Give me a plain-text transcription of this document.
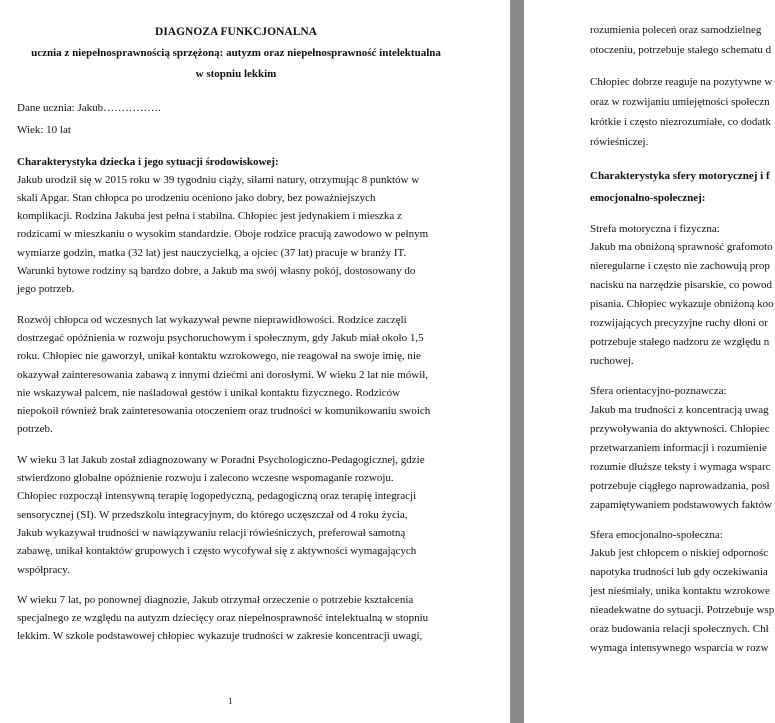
DIAGNOZA FUNKCJONALNA

ucznia z niepełnosprawnością sprzężoną: autyzm oraz niepełnosprawność intelektualna

w stopniu lekkim

Dane ucznia: Jakub…………….

Wiek: 10 lat

Charakterystyka dziecka i jego sytuacji środowiskowej:

Jakub urodził się w 2015 roku w 39 tygodniu ciąży, siłami natury, otrzymując 8 punktów w
skali Apgar. Stan chłopca po urodzeniu oceniono jako dobry, bez poważniejszych
komplikacji. Rodzina Jakuba jest pełna i stabilna. Chłopiec jest jedynakiem i mieszka z
rodzicami w mieszkaniu o wysokim standardzie. Oboje rodzice pracują zawodowo w pełnym
wymiarze godzin, matka (32 lat) jest nauczycielką, a ojciec (37 lat) pracuje w branży IT.
Warunki bytowe rodziny są bardzo dobre, a Jakub ma swój własny pokój, dostosowany do
jego potrzeb.
Rozwój chłopca od wczesnych lat wykazywał pewne nieprawidłowości. Rodzice zaczęli
dostrzegać opóźnienia w rozwoju psychoruchowym i społecznym, gdy Jakub miał około 1,5
roku. Chłopiec nie gaworzył, unikał kontaktu wzrokowego, nie reagował na swoje imię, nie
okazywał zainteresowania zabawą z innymi dziećmi ani dorosłymi. W wieku 2 lat nie mówił,
nie wskazywał palcem, nie naśladował gestów i unikał kontaktu fizycznego. Rodziców
niepokoił również brak zainteresowania otoczeniem oraz trudności w komunikowaniu swoich
potrzeb.
W wieku 3 lat Jakub został zdiagnozowany w Poradni Psychologiczno-Pedagogicznej, gdzie
stwierdzono globalne opóźnienie rozwoju i zalecono wczesne wspomaganie rozwoju.
Chłopiec rozpoczął intensywną terapię logopedyczną, pedagogiczną oraz terapię integracji
sensorycznej (SI). W przedszkolu integracyjnym, do którego uczęszczał od 4 roku życia,
Jakub wykazywał trudności w nawiązywaniu relacji rówieśniczych, preferował samotną
zabawę, unikał kontaktów grupowych i często wycofywał się z aktywności wymagających
współpracy.
W wieku 7 lat, po ponownej diagnozie, Jakub otrzymał orzeczenie o potrzebie kształcenia
specjalnego ze względu na autyzm dziecięcy oraz niepełnosprawność intelektualną w stopniu
lekkim. W szkole podstawowej chłopiec wykazuje trudności w zakresie koncentracji uwagi,
1
rozumienia poleceń oraz samodzielneg
otoczeniu, potrzebuje stałego schematu d
Chłopiec dobrze reaguje na pozytywne w
oraz w rozwijaniu umiejętności społeczn
krótkie i często niezrozumiałe, co dodatk
rówieśniczej.
Charakterystyka sfery motorycznej i f
emocjonalno-społecznej:

Strefa motoryczna i fizyczna:

Jakub ma obniżoną sprawność grafomoto
nieregularne i często nie zachowują prop
nacisku na narzędzie pisarskie, co powod
pisania. Chłopiec wykazuje obniżoną koo
rozwijających precyzyjne ruchy dłoni or
potrzebuje stałego nadzoru ze względu n
ruchowej.

Sfera orientacyjno-poznawcza:

Jakub ma trudności z koncentracją uwag
przywoływania do aktywności. Chłopiec
przetwarzaniem informacji i rozumienie
rozumie dłuższe teksty i wymaga wsparc
potrzebuje ciągłego naprowadzania, posł
zapamiętywaniem podstawowych faktów

Sfera emocjonalno-społeczna:

Jakub jest chłopcem o niskiej odpornośc
napotyka trudności lub gdy oczekiwania
jest nieśmiały, unika kontaktu wzrokowe
nieadekwatne do sytuacji. Potrzebuje wsp
oraz budowania relacji społecznych. Chł
wymaga intensywnego wsparcia w rozw
